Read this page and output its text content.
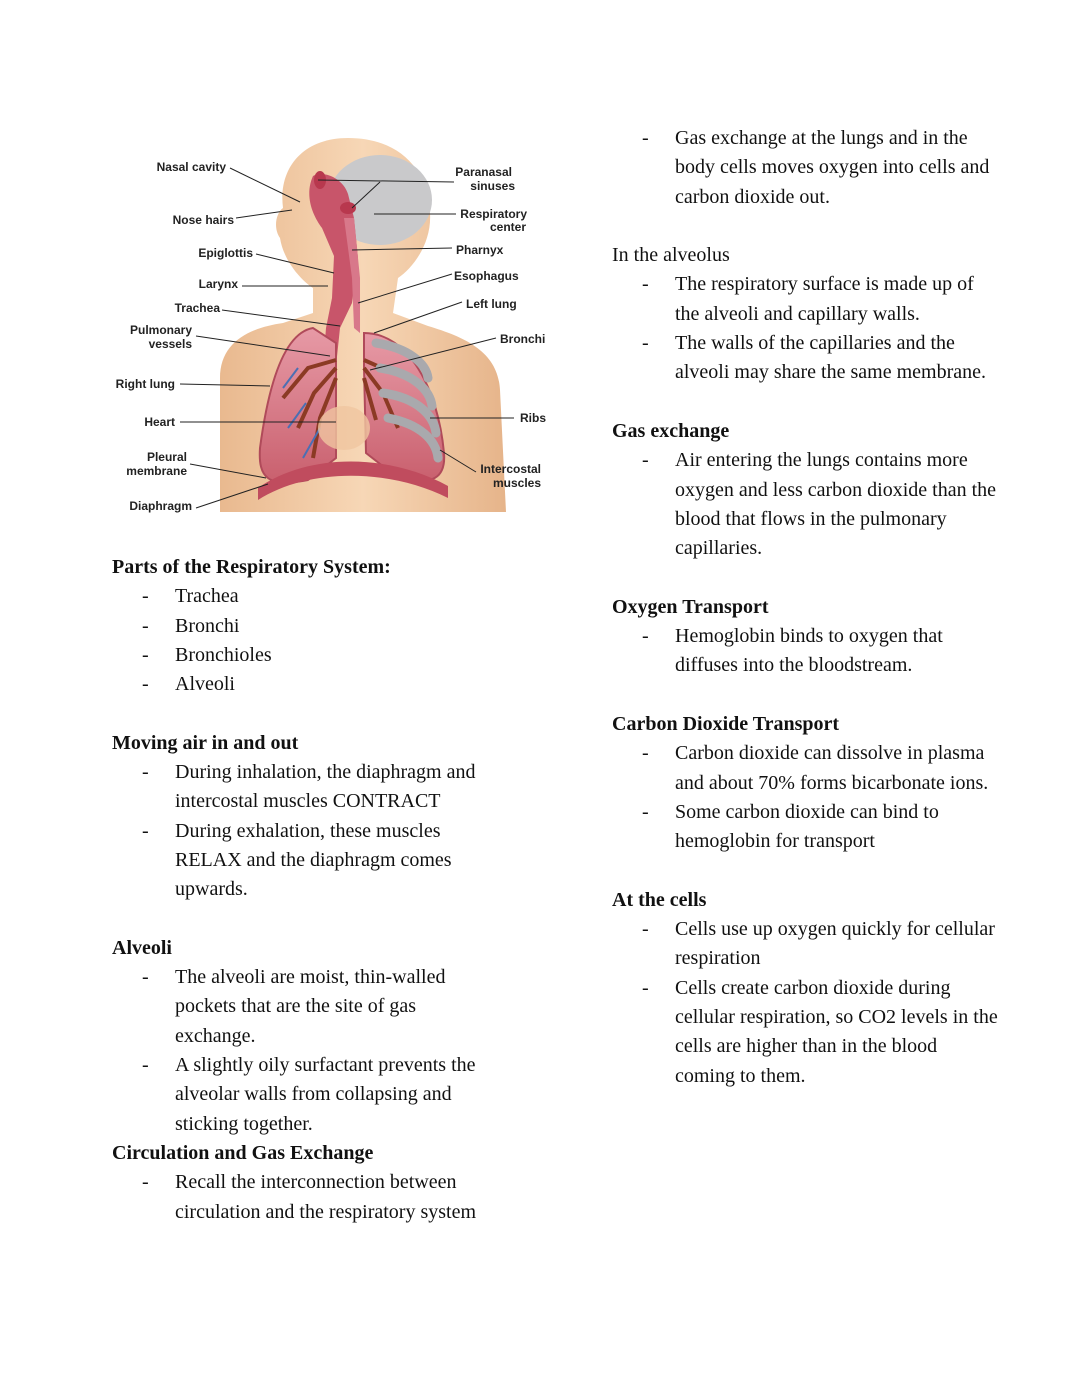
Nasal cavity
Nose hairs
Epiglottis
Larynx
Trachea
Pulmonary
vessels
Right lung
Heart
Pleural
membrane
Diaphragm
Paranasal
sinuses
Respiratory
center
Pharnyx
Esophagus
Left lung
Bronchi
Ribs
Intercostal
muscles
Parts of the Respiratory System:
- Trachea
- Bronchi
- Bronchioles
- Alveoli
Moving air in and out
- During inhalation, the diaphragm and
intercostal muscles CONTRACT
- During exhalation, these muscles
RELAX and the diaphragm comes
upwards.
Alveoli
- The alveoli are moist, thin-walled
pockets that are the site of gas
exchange.
- A slightly oily surfactant prevents the
alveolar walls from collapsing and
sticking together.
Circulation and Gas Exchange
- Recall the interconnection between
circulation and the respiratory system
- Gas exchange at the lungs and in the
body cells moves oxygen into cells and
carbon dioxide out.
In the alveolus
- The respiratory surface is made up of
the alveoli and capillary walls.
- The walls of the capillaries and the
alveoli may share the same membrane.
Gas exchange
- Air entering the lungs contains more
oxygen and less carbon dioxide than the
blood that flows in the pulmonary
capillaries.
Oxygen Transport
- Hemoglobin binds to oxygen that
diffuses into the bloodstream.
Carbon Dioxide Transport
- Carbon dioxide can dissolve in plasma
and about 70% forms bicarbonate ions.
- Some carbon dioxide can bind to
hemoglobin for transport
At the cells
- Cells use up oxygen quickly for cellular
respiration
- Cells create carbon dioxide during
cellular respiration, so CO2 levels in the
cells are higher than in the blood
coming to them.
